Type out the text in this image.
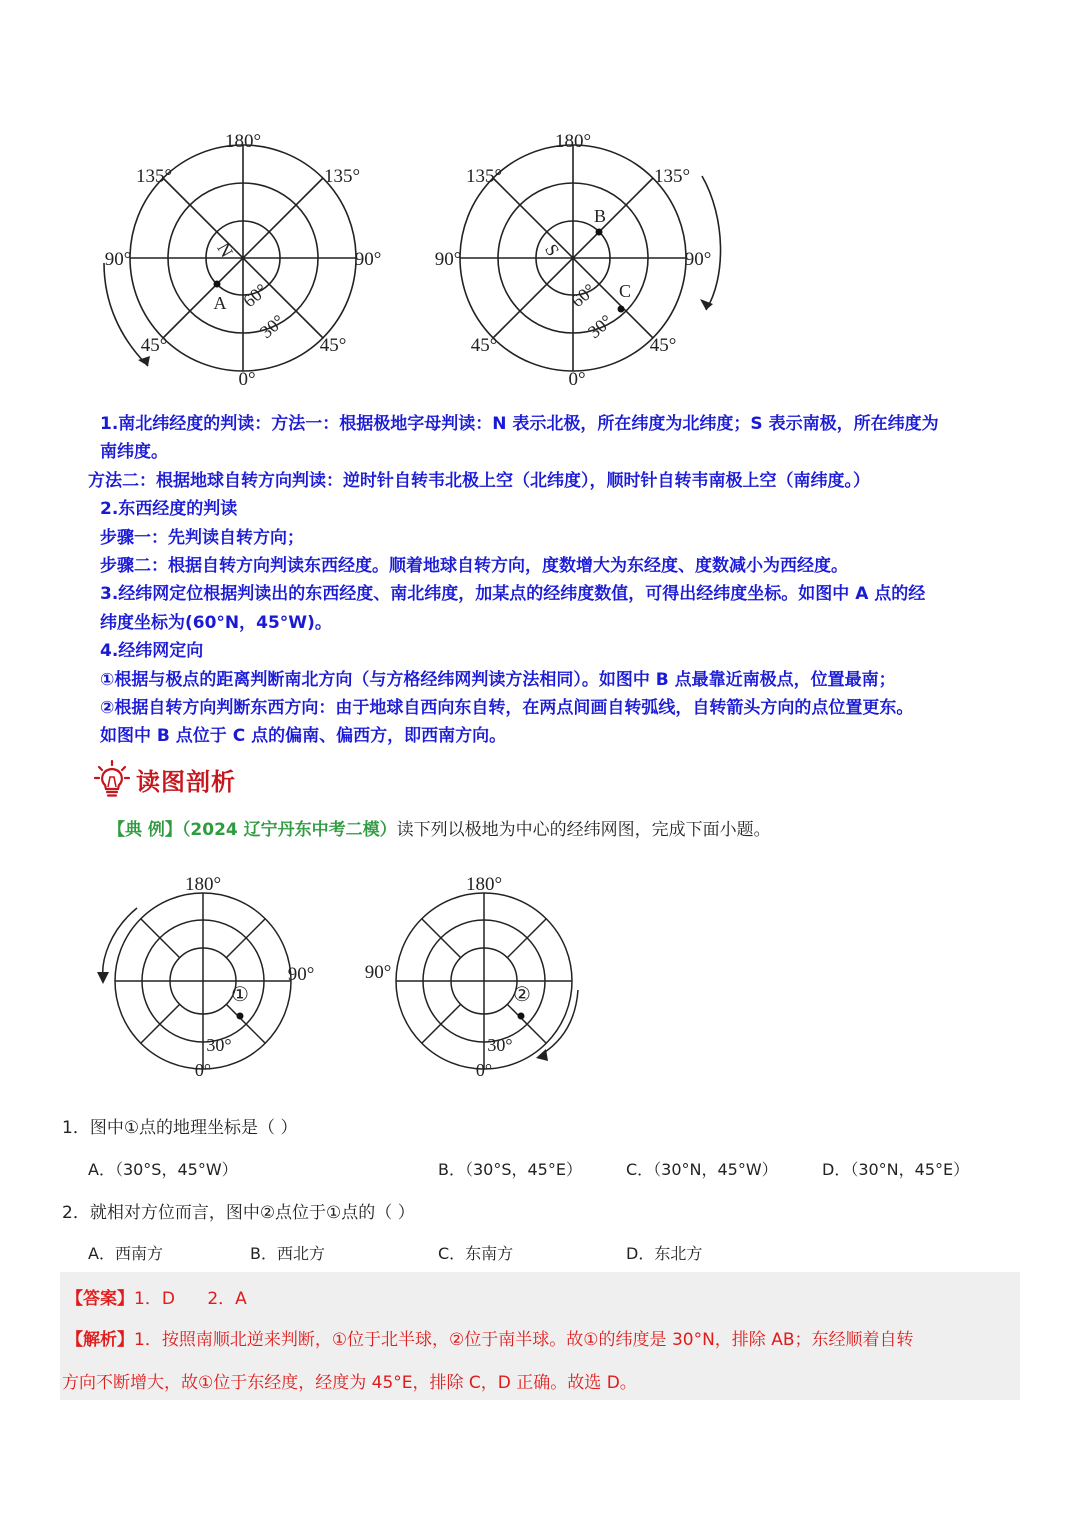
180°
135°	135°
90°	90°
45°	45°
0°
60°
30°
N
A
180°
135°	135°
90°	90°
45°	45°
0°
60°
30°
S
B
C

1.南北纬经度的判读：方法一：根据极地字母判读：N 表示北极，所在纬度为北纬度；S 表示南极，所在纬度为

南纬度。

方法二：根据地球自转方向判读：逆时针自转韦北极上空（北纬度），顺时针自转韦南极上空（南纬度。）

2.东西经度的判读

步骤一：先判读自转方向；

步骤二：根据自转方向判读东西经度。顺着地球自转方向，度数增大为东经度、度数减小为西经度。

3.经纬网定位根据判读出的东西经度、南北纬度，加某点的经纬度数值，可得出经纬度坐标。如图中 A 点的经

纬度坐标为(60°N，45°W)。

4.经纬网定向

①根据与极点的距离判断南北方向（与方格经纬网判读方法相同）。如图中 B 点最靠近南极点，位置最南；

②根据自转方向判断东西方向：由于地球自西向东自转，在两点间画自转弧线，自转箭头方向的点位置更东。

如图中 B 点位于 C 点的偏南、偏西方，即西南方向。

读图剖析
【典 例】（2024 辽宁丹东中考二模）读下列以极地为中心的经纬网图，完成下面小题。
180°
90°
30°
0°
①
180°
90°
30°
0°
②
1．图中①点的地理坐标是（ ）
A．（30°S，45°W）	B．（30°S，45°E）	C．（30°N，45°W）	D．（30°N，45°E）
2．就相对方位而言，图中②点位于①点的（ ）
A．西南方	B．西北方	C．东南方	D．东北方
【答案】1．D      2．A
【解析】1．按照南顺北逆来判断，①位于北半球，②位于南半球。故①的纬度是 30°N，排除 AB；东经顺着自转
方向不断增大，故①位于东经度，经度为 45°E，排除 C，D 正确。故选 D。
